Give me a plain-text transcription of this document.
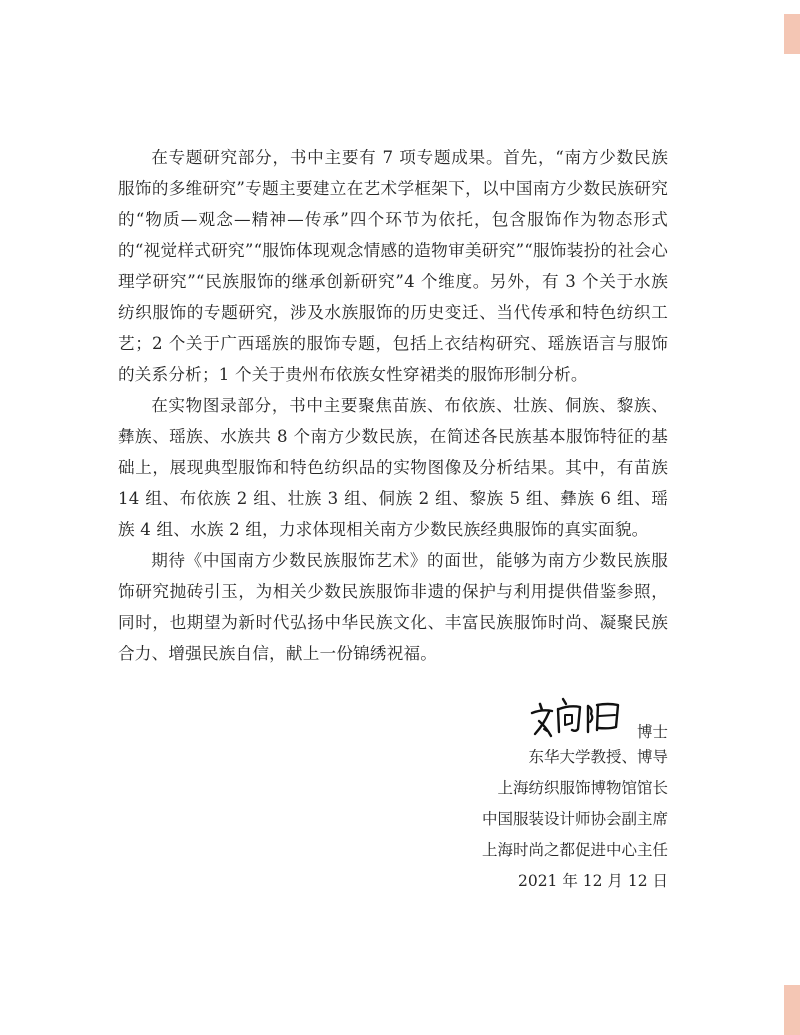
在专题研究部分，书中主要有 7 项专题成果。首先，“南方少数民族服饰的多维研究”专题主要建立在艺术学框架下，以中国南方少数民族研究的“物质—观念—精神—传承”四个环节为依托，包含服饰作为物态形式的“视觉样式研究”“服饰体现观念情感的造物审美研究”“服饰装扮的社会心理学研究”“民族服饰的继承创新研究”4 个维度。另外，有 3 个关于水族纺织服饰的专题研究，涉及水族服饰的历史变迁、当代传承和特色纺织工艺；2 个关于广西瑶族的服饰专题，包括上衣结构研究、瑶族语言与服饰的关系分析；1 个关于贵州布依族女性穿裙类的服饰形制分析。

在实物图录部分，书中主要聚焦苗族、布依族、壮族、侗族、黎族、彝族、瑶族、水族共 8 个南方少数民族，在简述各民族基本服饰特征的基础上，展现典型服饰和特色纺织品的实物图像及分析结果。其中，有苗族 14 组、布依族 2 组、壮族 3 组、侗族 2 组、黎族 5 组、彝族 6 组、瑶族 4 组、水族 2 组，力求体现相关南方少数民族经典服饰的真实面貌。

期待《中国南方少数民族服饰艺术》的面世，能够为南方少数民族服饰研究抛砖引玉，为相关少数民族服饰非遗的保护与利用提供借鉴参照，同时，也期望为新时代弘扬中华民族文化、丰富民族服饰时尚、凝聚民族合力、增强民族自信，献上一份锦绣祝福。

博士

东华大学教授、博导

上海纺织服饰博物馆馆长

中国服装设计师协会副主席

上海时尚之都促进中心主任

2021 年 12 月 12 日
